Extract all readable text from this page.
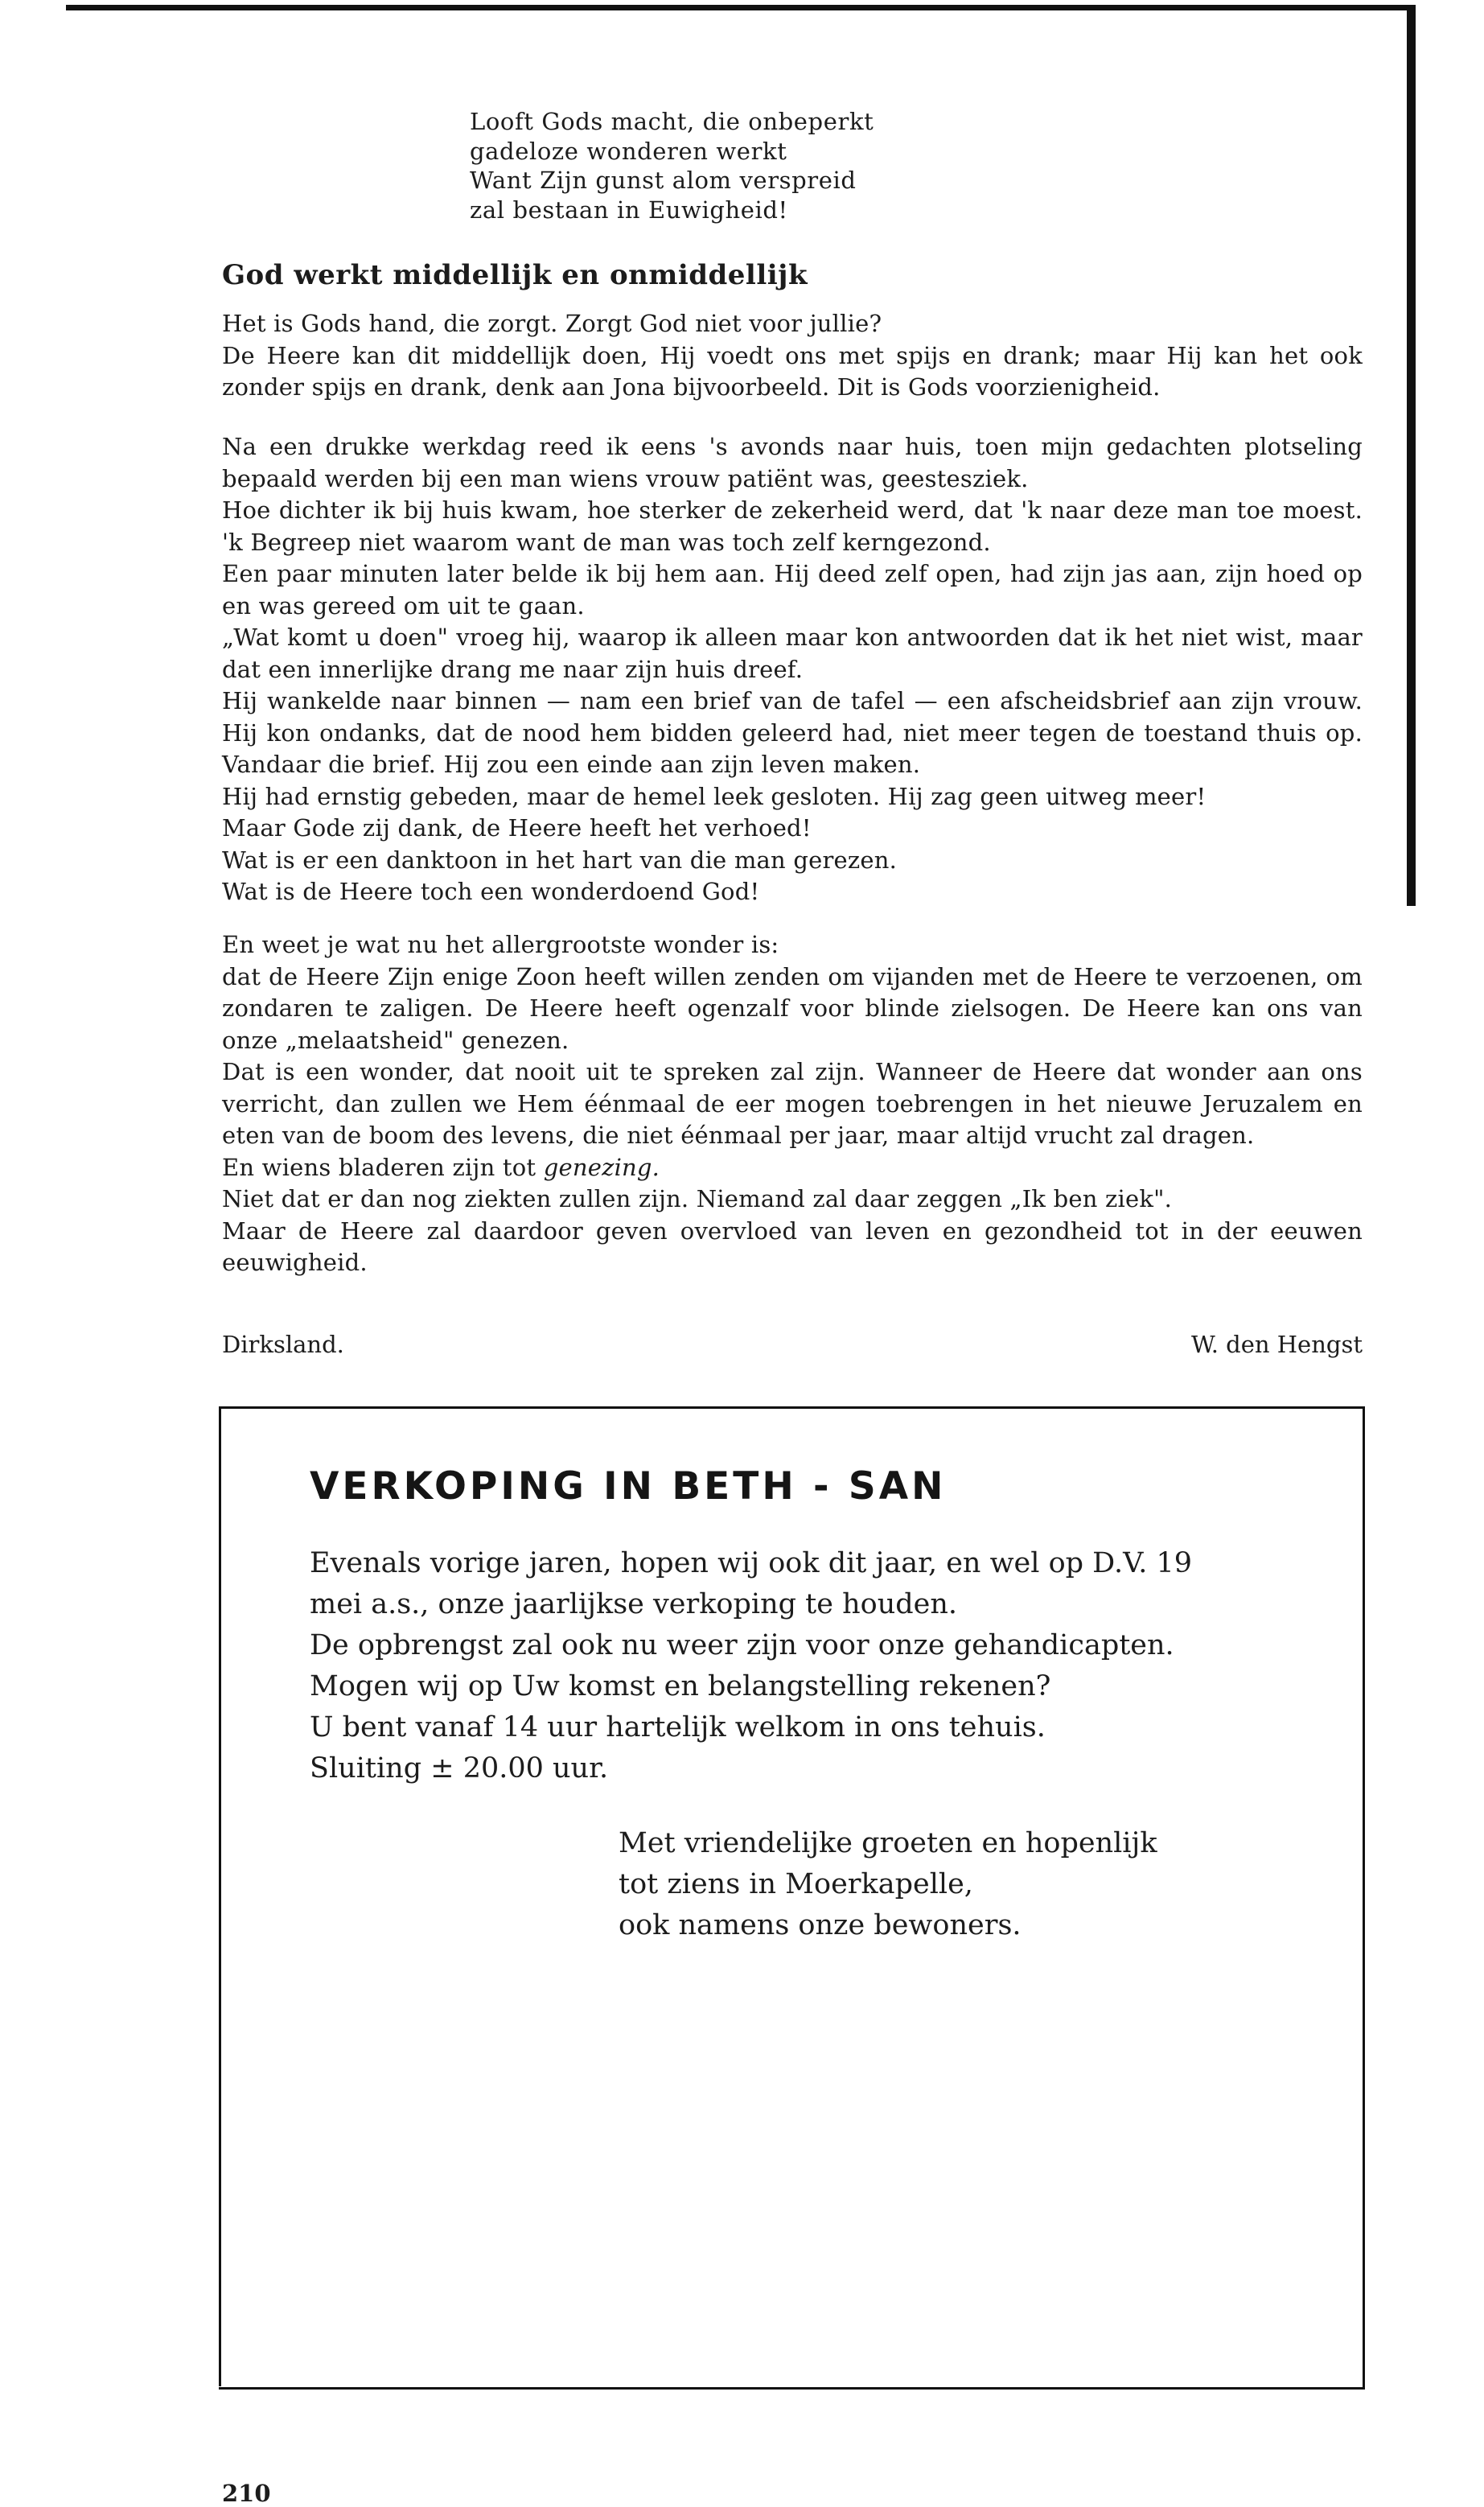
Looft Gods macht, die onbeperkt
gadeloze wonderen werkt
Want Zijn gunst alom verspreid
zal bestaan in Euwigheid!
God werkt middellijk en onmiddellijk

Het is Gods hand, die zorgt. Zorgt God niet voor jullie?

De Heere kan dit middellijk doen, Hij voedt ons met spijs en drank; maar Hij kan het ook zonder spijs en drank, denk aan Jona bijvoorbeeld. Dit is Gods voorzienigheid.

Na een drukke werkdag reed ik eens 's avonds naar huis, toen mijn gedachten plotseling bepaald werden bij een man wiens vrouw patiënt was, geestesziek.

Hoe dichter ik bij huis kwam, hoe sterker de zekerheid werd, dat 'k naar deze man toe moest. 'k Begreep niet waarom want de man was toch zelf kerngezond.

Een paar minuten later belde ik bij hem aan. Hij deed zelf open, had zijn jas aan, zijn hoed op en was gereed om uit te gaan.

„Wat komt u doen" vroeg hij, waarop ik alleen maar kon antwoorden dat ik het niet wist, maar dat een innerlijke drang me naar zijn huis dreef.

Hij wankelde naar binnen — nam een brief van de tafel — een afscheidsbrief aan zijn vrouw. Hij kon ondanks, dat de nood hem bidden geleerd had, niet meer tegen de toestand thuis op. Vandaar die brief. Hij zou een einde aan zijn leven maken.

Hij had ernstig gebeden, maar de hemel leek gesloten. Hij zag geen uitweg meer!

Maar Gode zij dank, de Heere heeft het verhoed!

Wat is er een danktoon in het hart van die man gerezen.

Wat is de Heere toch een wonderdoend God!

En weet je wat nu het allergrootste wonder is:

dat de Heere Zijn enige Zoon heeft willen zenden om vijanden met de Heere te verzoenen, om zondaren te zaligen. De Heere heeft ogenzalf voor blinde zielsogen. De Heere kan ons van onze „melaatsheid" genezen.

Dat is een wonder, dat nooit uit te spreken zal zijn. Wanneer de Heere dat wonder aan ons verricht, dan zullen we Hem éénmaal de eer mogen toebrengen in het nieuwe Jeruzalem en eten van de boom des levens, die niet éénmaal per jaar, maar altijd vrucht zal dragen.

En wiens bladeren zijn tot genezing.

Niet dat er dan nog ziekten zullen zijn. Niemand zal daar zeggen „Ik ben ziek".

Maar de Heere zal daardoor geven overvloed van leven en gezondheid tot in der eeuwen eeuwigheid.

Dirksland.	W. den Hengst
VERKOPING IN BETH - SAN
Evenals vorige jaren, hopen wij ook dit jaar, en wel op D.V. 19
mei a.s., onze jaarlijkse verkoping te houden.
De opbrengst zal ook nu weer zijn voor onze gehandicapten.
Mogen wij op Uw komst en belangstelling rekenen?
U bent vanaf 14 uur hartelijk welkom in ons tehuis.
Sluiting ± 20.00 uur.
Met vriendelijke groeten en hopenlijk
tot ziens in Moerkapelle,
ook namens onze bewoners.
210
